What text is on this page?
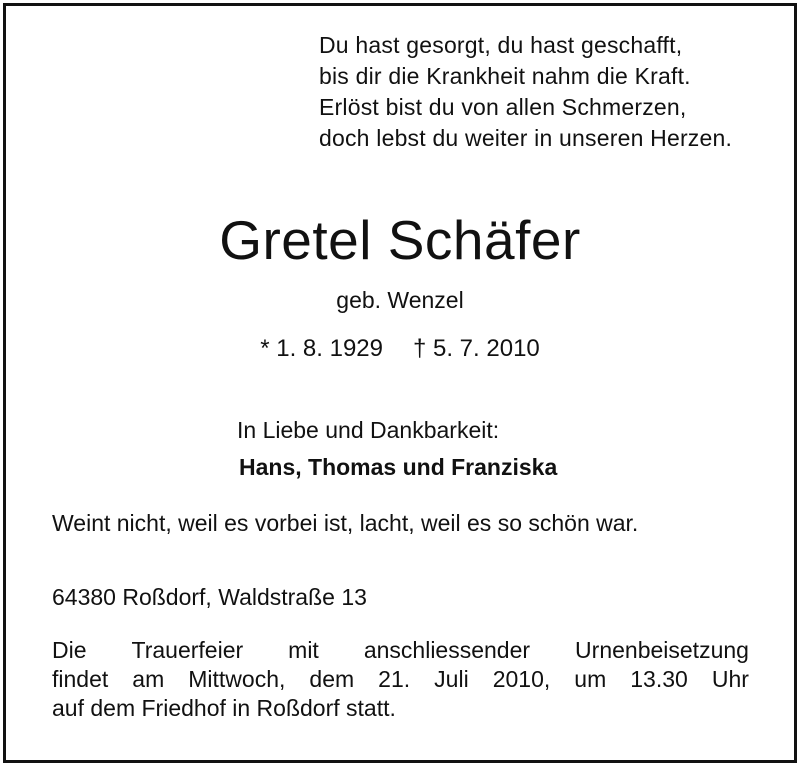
Du hast gesorgt, du hast geschafft,
bis dir die Krankheit nahm die Kraft.
Erlöst bist du von allen Schmerzen,
doch lebst du weiter in unseren Herzen.
Gretel Schäfer
geb. Wenzel
* 1. 8. 1929 † 5. 7. 2010
In Liebe und Dankbarkeit:
Hans, Thomas und Franziska
Weint nicht, weil es vorbei ist, lacht, weil es so schön war.
64380 Roßdorf, Waldstraße 13
Die Trauerfeier mit anschliessender Urnenbeisetzung
findet am Mittwoch, dem 21. Juli 2010, um 13.30 Uhr
auf dem Friedhof in Roßdorf statt.
